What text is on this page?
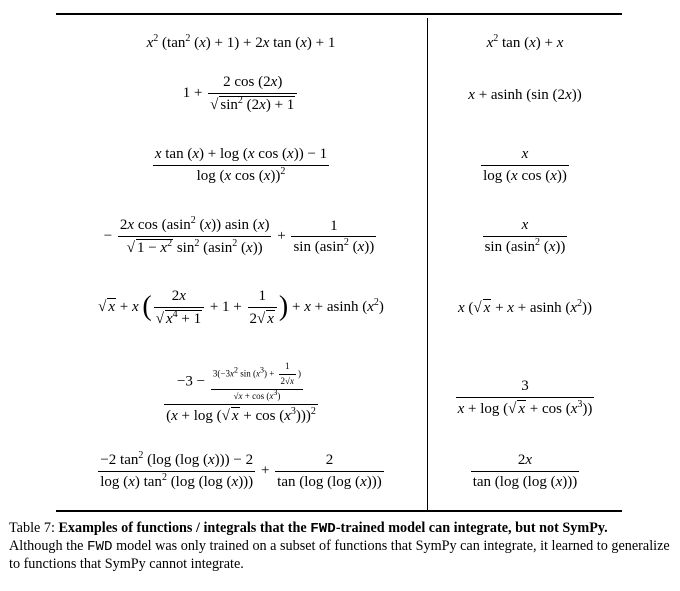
$x^2$ ($\tan^2$ (x) + 1) + 2x tan (x) + 1	$x^2$ tan (x) + x
$1 + \frac{2 \cos (2x)}{√ \sin^2 (2x) + 1}$	x + asinh (sin (2x))
$\frac{\text{x tan (x) + log (x cos (x)) − 1}}{\log (x \cos (x))^2}$	$\frac{x}{\text{log (x cos (x))}}$
− $\frac{2x \cos (asin^2 (x)) asin (x)}{√ 1 - x^2 \sin^2 (asin^2 (x))} + \frac{1}{\sin (asin^2 (x))}$	$\frac{x}{\sin (asin^2 (x))}$
√ x + x ( $\frac{2x}{√ x^4 + 1} + 1 + \frac{1}{2√ x}$ ) + x + asinh $(x^2)$	x (√ x + x + asinh $(x^2)$)
$\frac{-3 - \frac{3(-3x^2 \sin (x^3) + \frac{1}{2√x} )}{√x + \cos (x^3)}}{(x + \log (√ x + \cos (x^3)))^2}$	$\frac{3}{x + \log (√ x + \cos (x^3))}$
$\frac{-2 \tan^2 (\log (\log (x))) - 2}{\log (x) \tan^2 (\log (\log (x)))} + \frac{2}{\tan (\log (\log (x)))}$	$\frac{2x}{\tan (\log (\log (x)))}$
Table 7: Examples of functions / integrals that the FWD-trained model can integrate, but not SymPy.
Although the FWD model was only trained on a subset of functions that SymPy can integrate, it learned to generalize to functions that SymPy cannot integrate.
